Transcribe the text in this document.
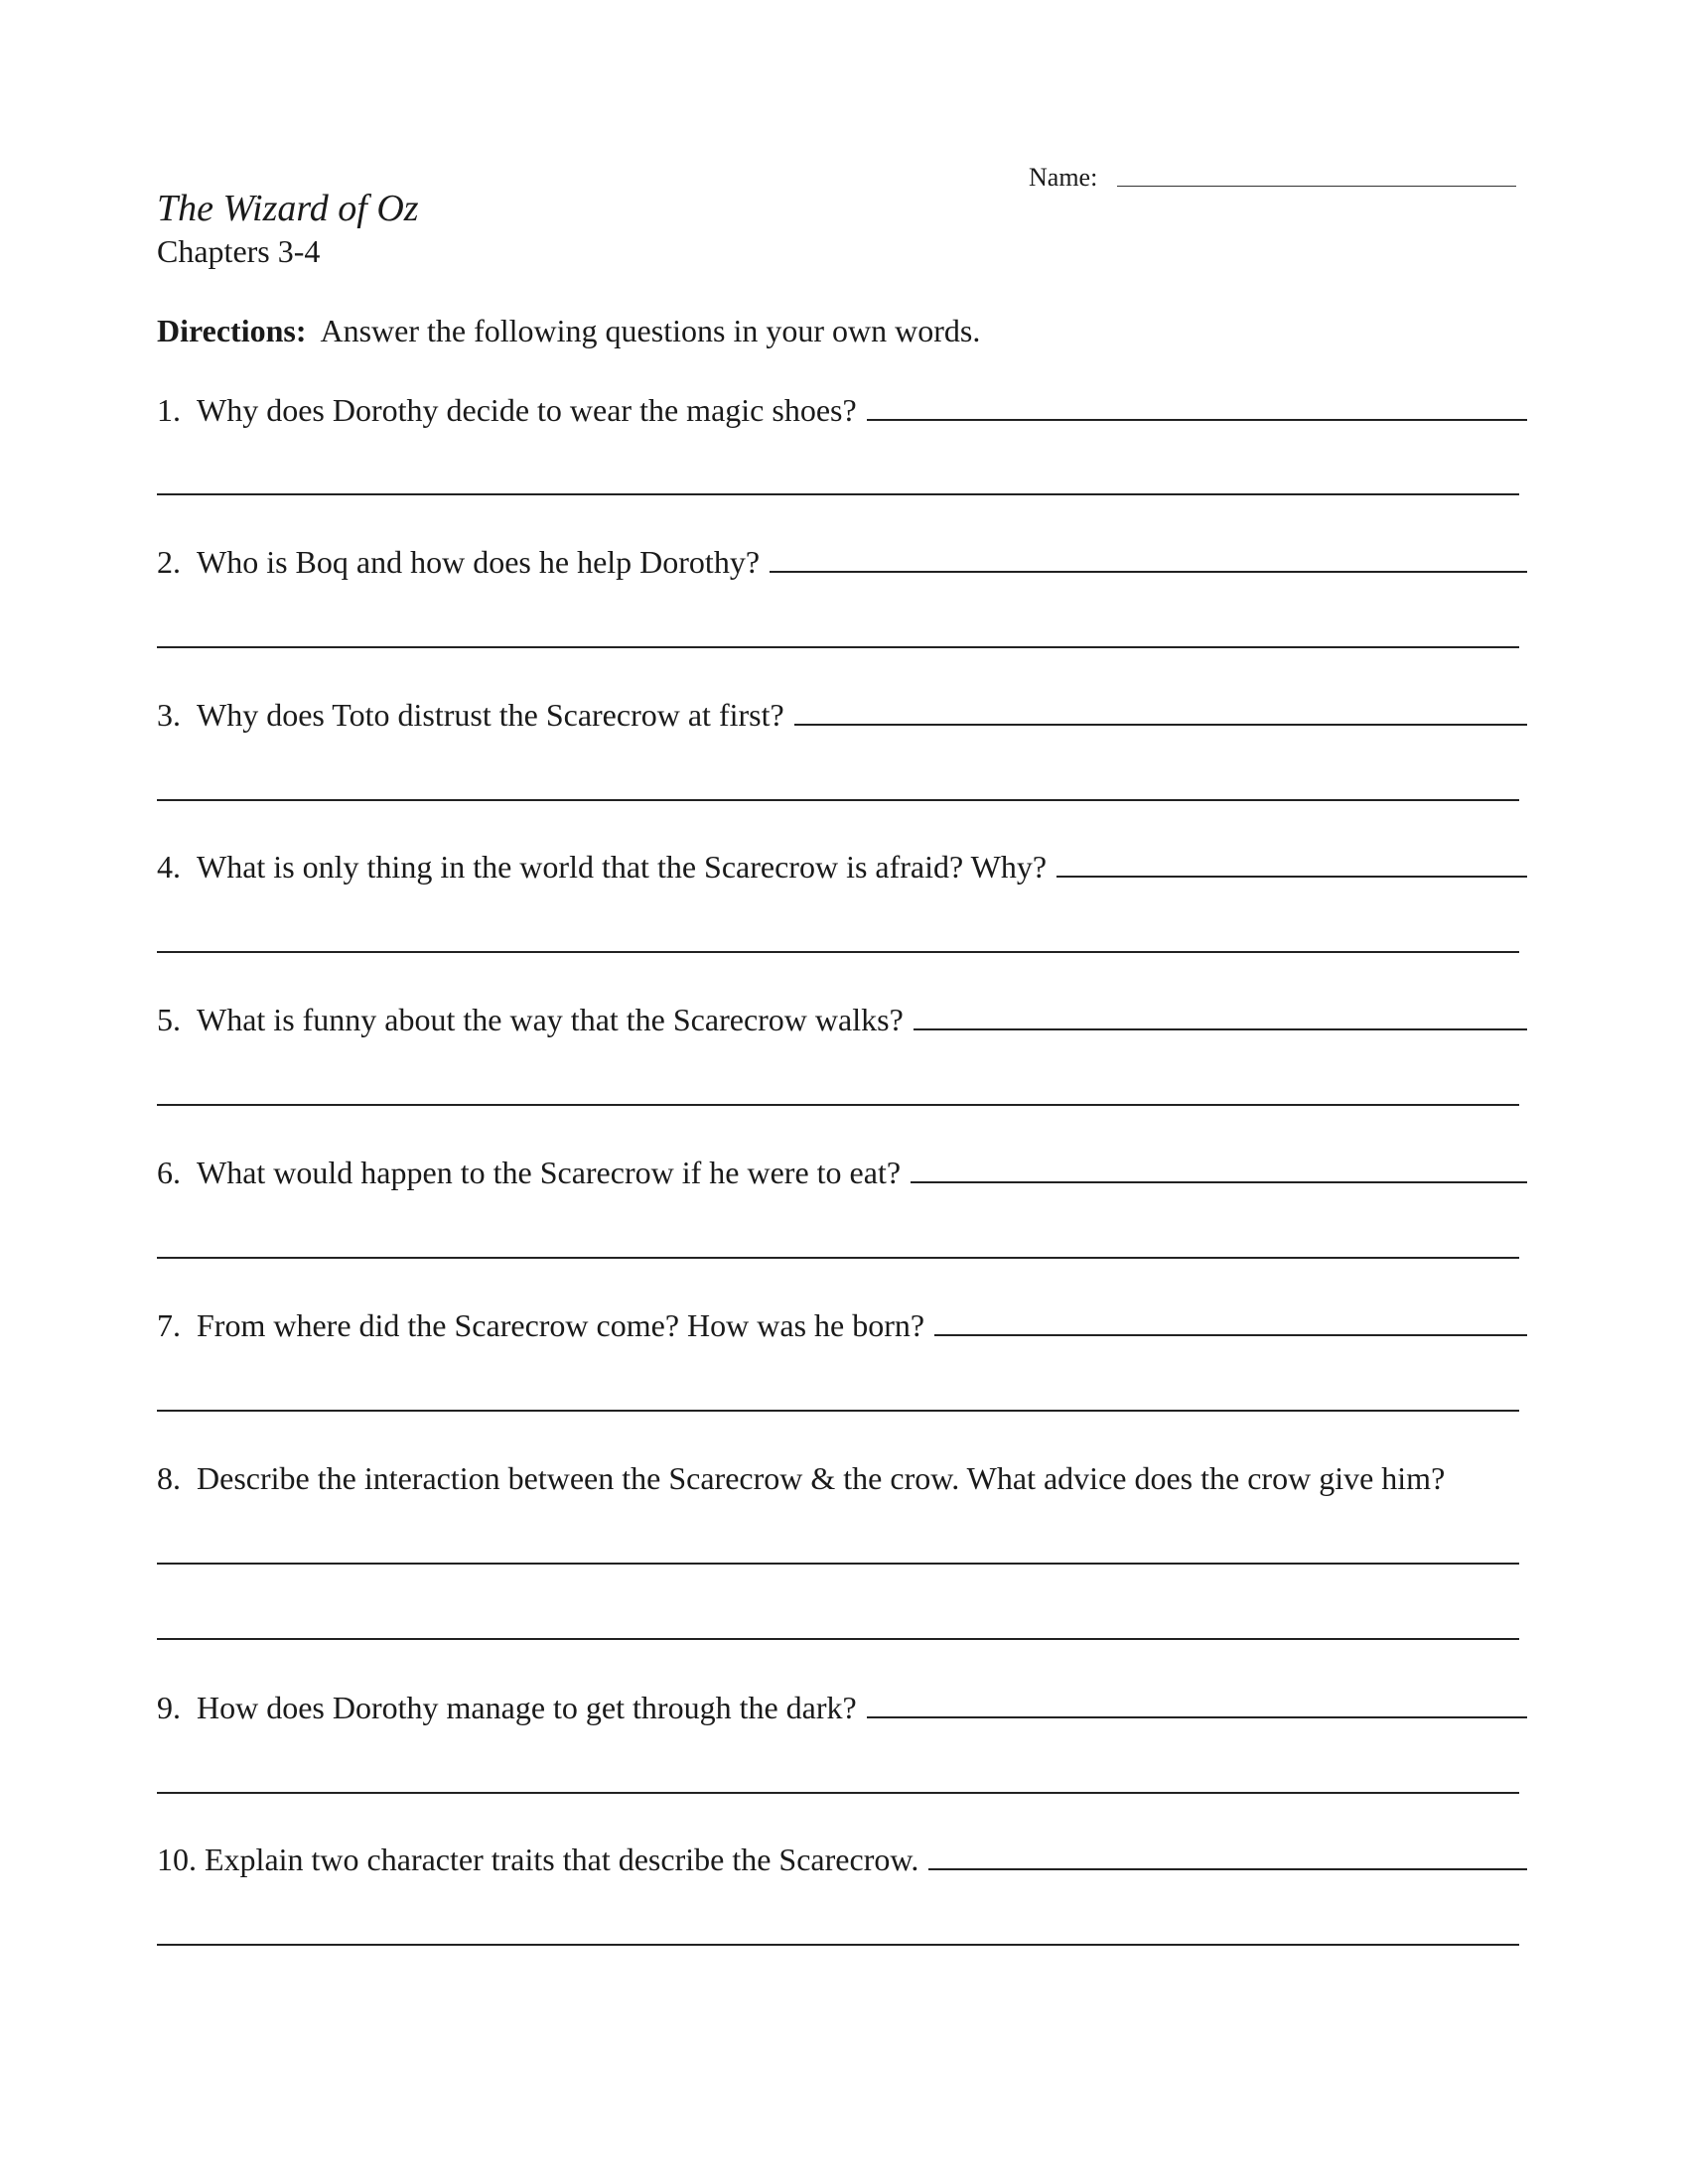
Name:
The Wizard of Oz
Chapters 3-4
Directions: Answer the following questions in your own words.
1.
Why does Dorothy decide to wear the magic shoes?
2.
Who is Boq and how does he help Dorothy?
3.
Why does Toto distrust the Scarecrow at first?
4.
What is only thing in the world that the Scarecrow is afraid? Why?
5.
What is funny about the way that the Scarecrow walks?
6.
What would happen to the Scarecrow if he were to eat?
7.
From where did the Scarecrow come? How was he born?
8.
Describe the interaction between the Scarecrow & the crow. What advice does the crow give him?
9.
How does Dorothy manage to get through the dark?
10.
Explain two character traits that describe the Scarecrow.
